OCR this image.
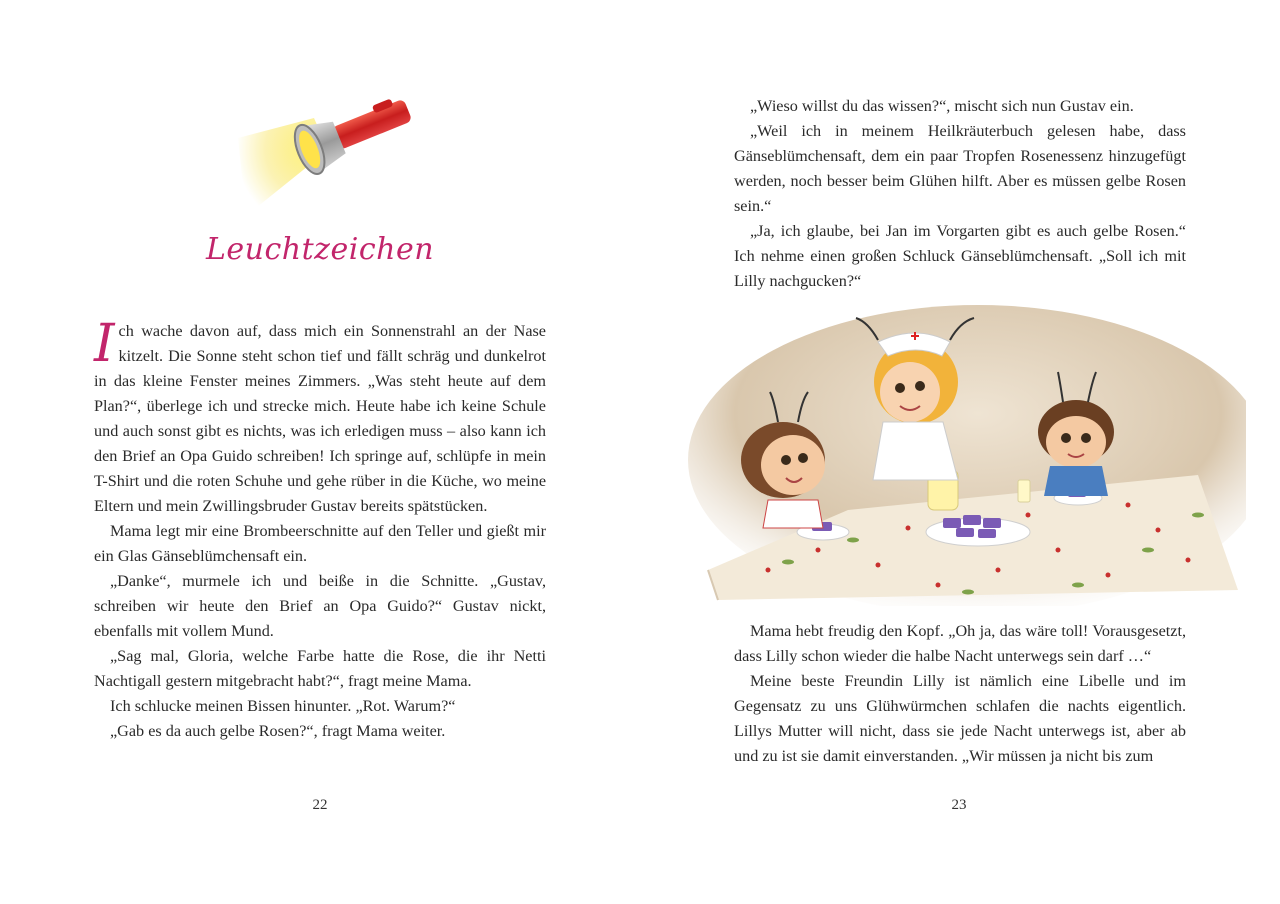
Leuchtzeichen

Ich wache davon auf, dass mich ein Sonnenstrahl an der Nase kitzelt. Die Sonne steht schon tief und fällt schräg und dunkelrot in das kleine Fenster meines Zimmers. „Was steht heute auf dem Plan?“, überlege ich und strecke mich. Heute habe ich keine Schule und auch sonst gibt es nichts, was ich erledigen muss – also kann ich den Brief an Opa Guido schreiben! Ich springe auf, schlüpfe in mein T-Shirt und die roten Schuhe und gehe rüber in die Küche, wo meine Eltern und mein Zwillingsbruder Gustav bereits spätstücken.

Mama legt mir eine Brombeerschnitte auf den Teller und gießt mir ein Glas Gänseblümchensaft ein.

„Danke“, murmele ich und beiße in die Schnitte. „Gustav, schreiben wir heute den Brief an Opa Guido?“ Gustav nickt, ebenfalls mit vollem Mund.

„Sag mal, Gloria, welche Farbe hatte die Rose, die ihr Netti Nachtigall gestern mitgebracht habt?“, fragt meine Mama.

Ich schlucke meinen Bissen hinunter. „Rot. Warum?“

„Gab es da auch gelbe Rosen?“, fragt Mama weiter.

22

„Wieso willst du das wissen?“, mischt sich nun Gustav ein.

„Weil ich in meinem Heilkräuterbuch gelesen habe, dass Gänseblümchensaft, dem ein paar Tropfen Rosenessenz hinzugefügt werden, noch besser beim Glühen hilft. Aber es müssen gelbe Rosen sein.“

„Ja, ich glaube, bei Jan im Vorgarten gibt es auch gelbe Rosen.“ Ich nehme einen großen Schluck Gänseblümchensaft. „Soll ich mit Lilly nachgucken?“

Mama hebt freudig den Kopf. „Oh ja, das wäre toll! Vorausgesetzt, dass Lilly schon wieder die halbe Nacht unterwegs sein darf …“

Meine beste Freundin Lilly ist nämlich eine Libelle und im Gegensatz zu uns Glühwürmchen schlafen die nachts eigentlich. Lillys Mutter will nicht, dass sie jede Nacht unterwegs ist, aber ab und zu ist sie damit einverstanden. „Wir müssen ja nicht bis zum

23
